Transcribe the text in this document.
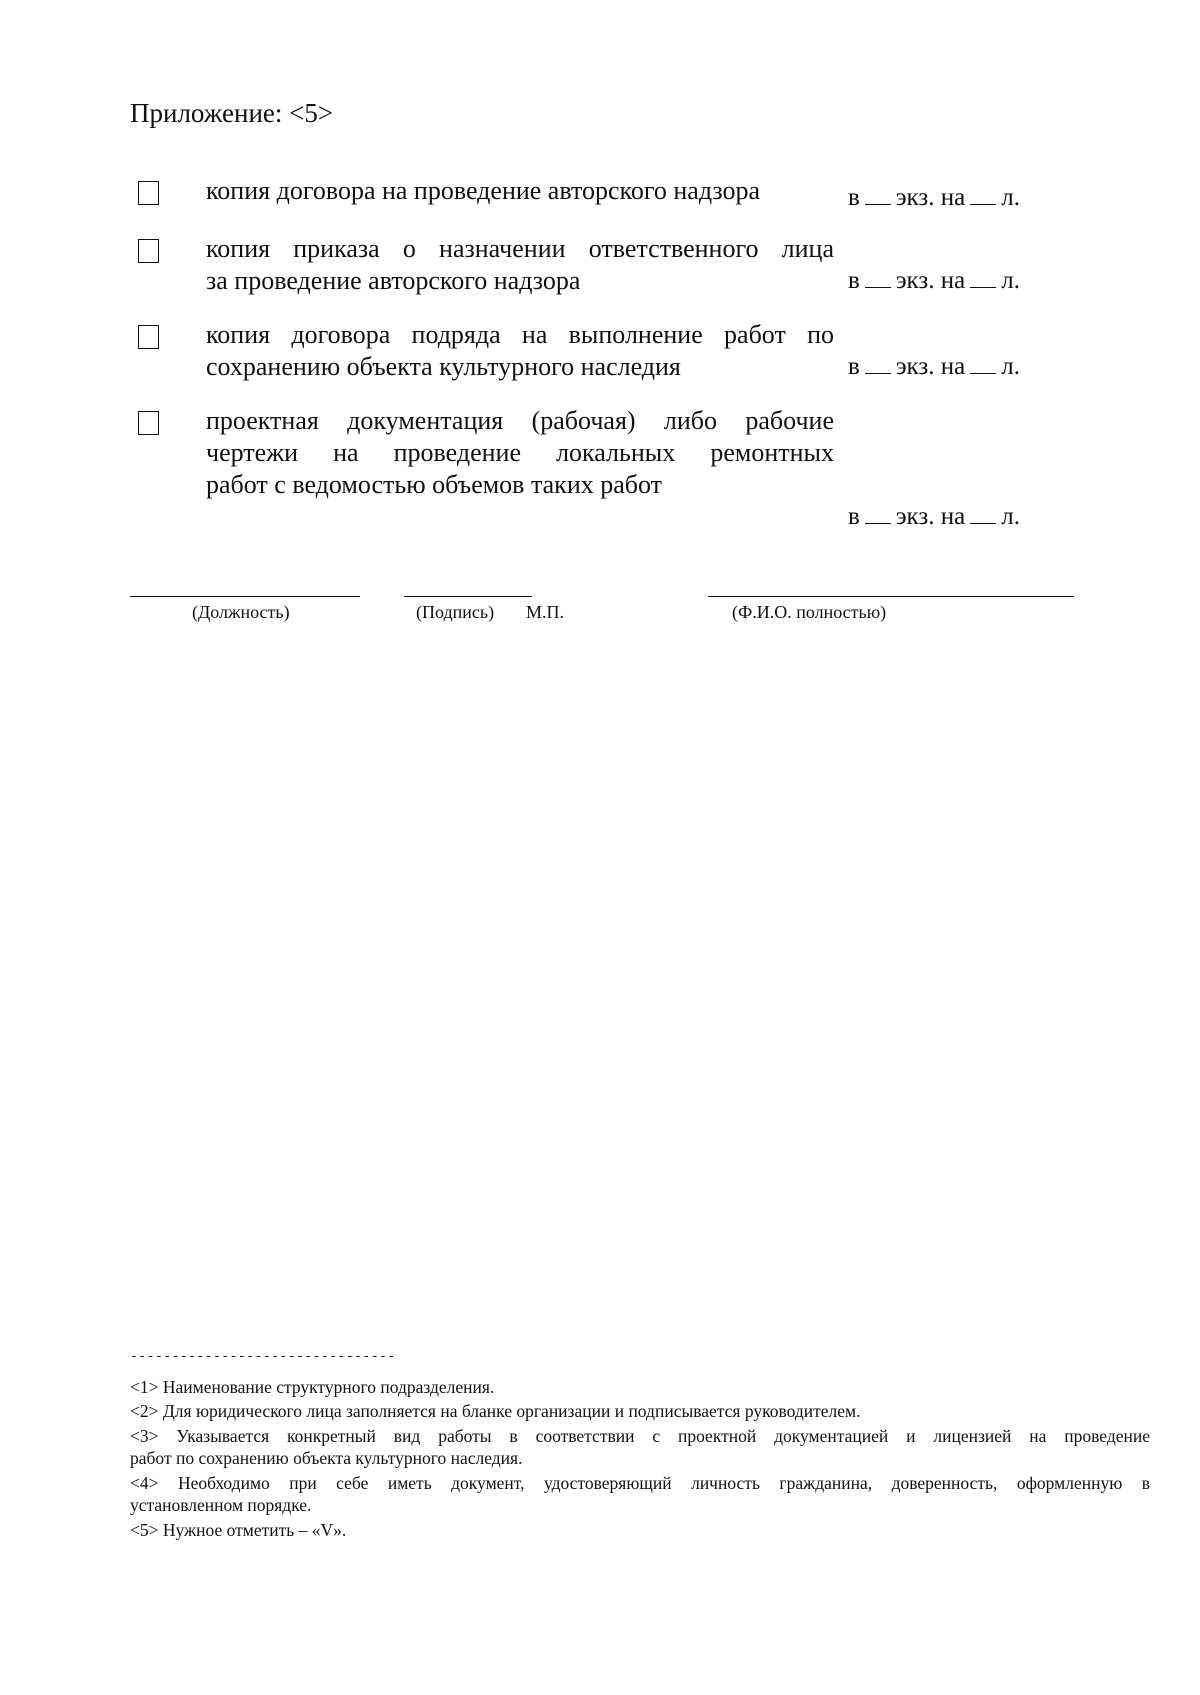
Приложение: <5>
копия договора на проведение авторского надзора	в экз. на л.
копия приказа о назначении ответственного лица
за проведение авторского надзора	в экз. на л.
копия договора подряда на выполнение работ по
сохранению объекта культурного наследия	в экз. на л.
проектная документация (рабочая) либо рабочие
чертежи на проведение локальных ремонтных
работ с ведомостью объемов таких работ
в экз. на л.
(Должность)	(Подпись) М.П.	(Ф.И.О. полностью)
--------------------------------
<1> Наименование структурного подразделения.
<2> Для юридического лица заполняется на бланке организации и подписывается руководителем.
<3> Указывается конкретный вид работы в соответствии с проектной документацией и лицензией на проведение
работ по сохранению объекта культурного наследия.
<4> Необходимо при себе иметь документ, удостоверяющий личность гражданина, доверенность, оформленную в
установленном порядке.
<5> Нужное отметить – «V».
